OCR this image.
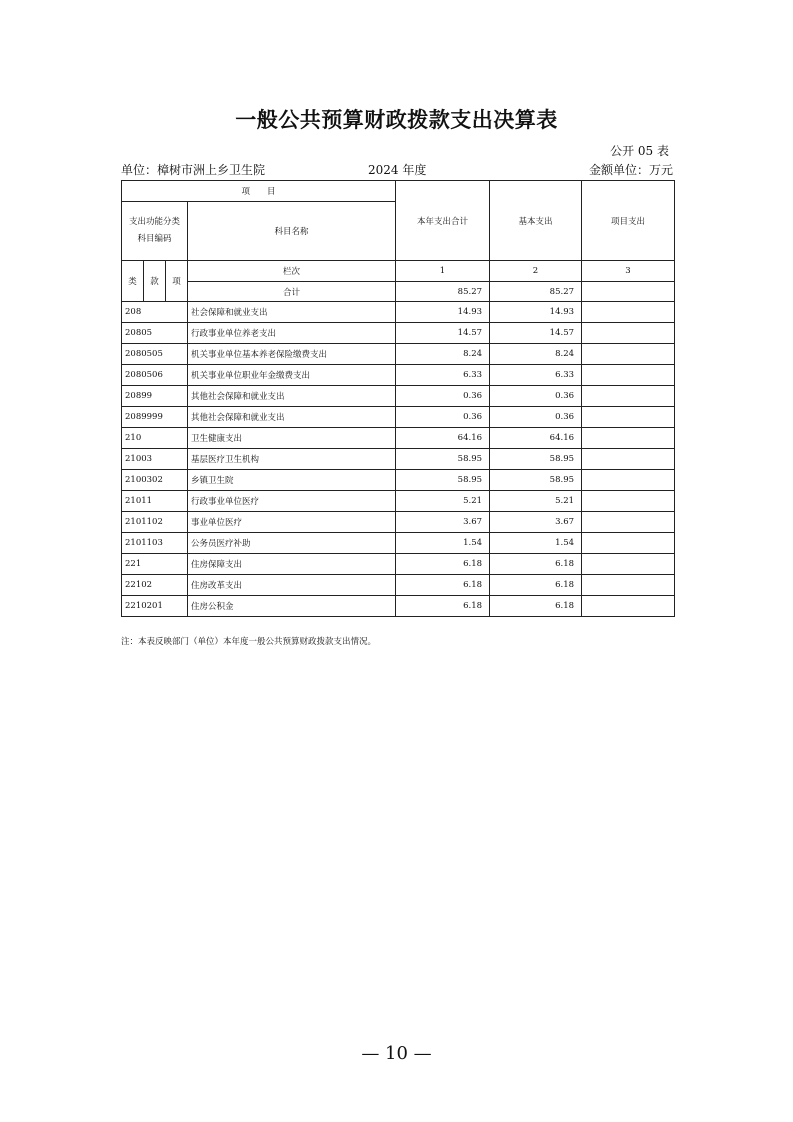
一般公共预算财政拨款支出决算表
公开 05 表
单位：樟树市洲上乡卫生院	2024 年度	金额单位：万元
项　　目				本年支出合计	基本支出	项目支出
支出功能分类科目编码			科目名称			
类	款	项	栏次	1	2	3
			合计	85.27	85.27	
208			社会保障和就业支出	14.93	14.93	
20805			行政事业单位养老支出	14.57	14.57	
2080505			机关事业单位基本养老保险缴费支出	8.24	8.24	
2080506			机关事业单位职业年金缴费支出	6.33	6.33	
20899			其他社会保障和就业支出	0.36	0.36	
2089999			其他社会保障和就业支出	0.36	0.36	
210			卫生健康支出	64.16	64.16	
21003			基层医疗卫生机构	58.95	58.95	
2100302			乡镇卫生院	58.95	58.95	
21011			行政事业单位医疗	5.21	5.21	
2101102			事业单位医疗	3.67	3.67	
2101103			公务员医疗补助	1.54	1.54	
221			住房保障支出	6.18	6.18	
22102			住房改革支出	6.18	6.18	
2210201			住房公积金	6.18	6.18	
注：本表反映部门（单位）本年度一般公共预算财政拨款支出情况。
— 10 —
